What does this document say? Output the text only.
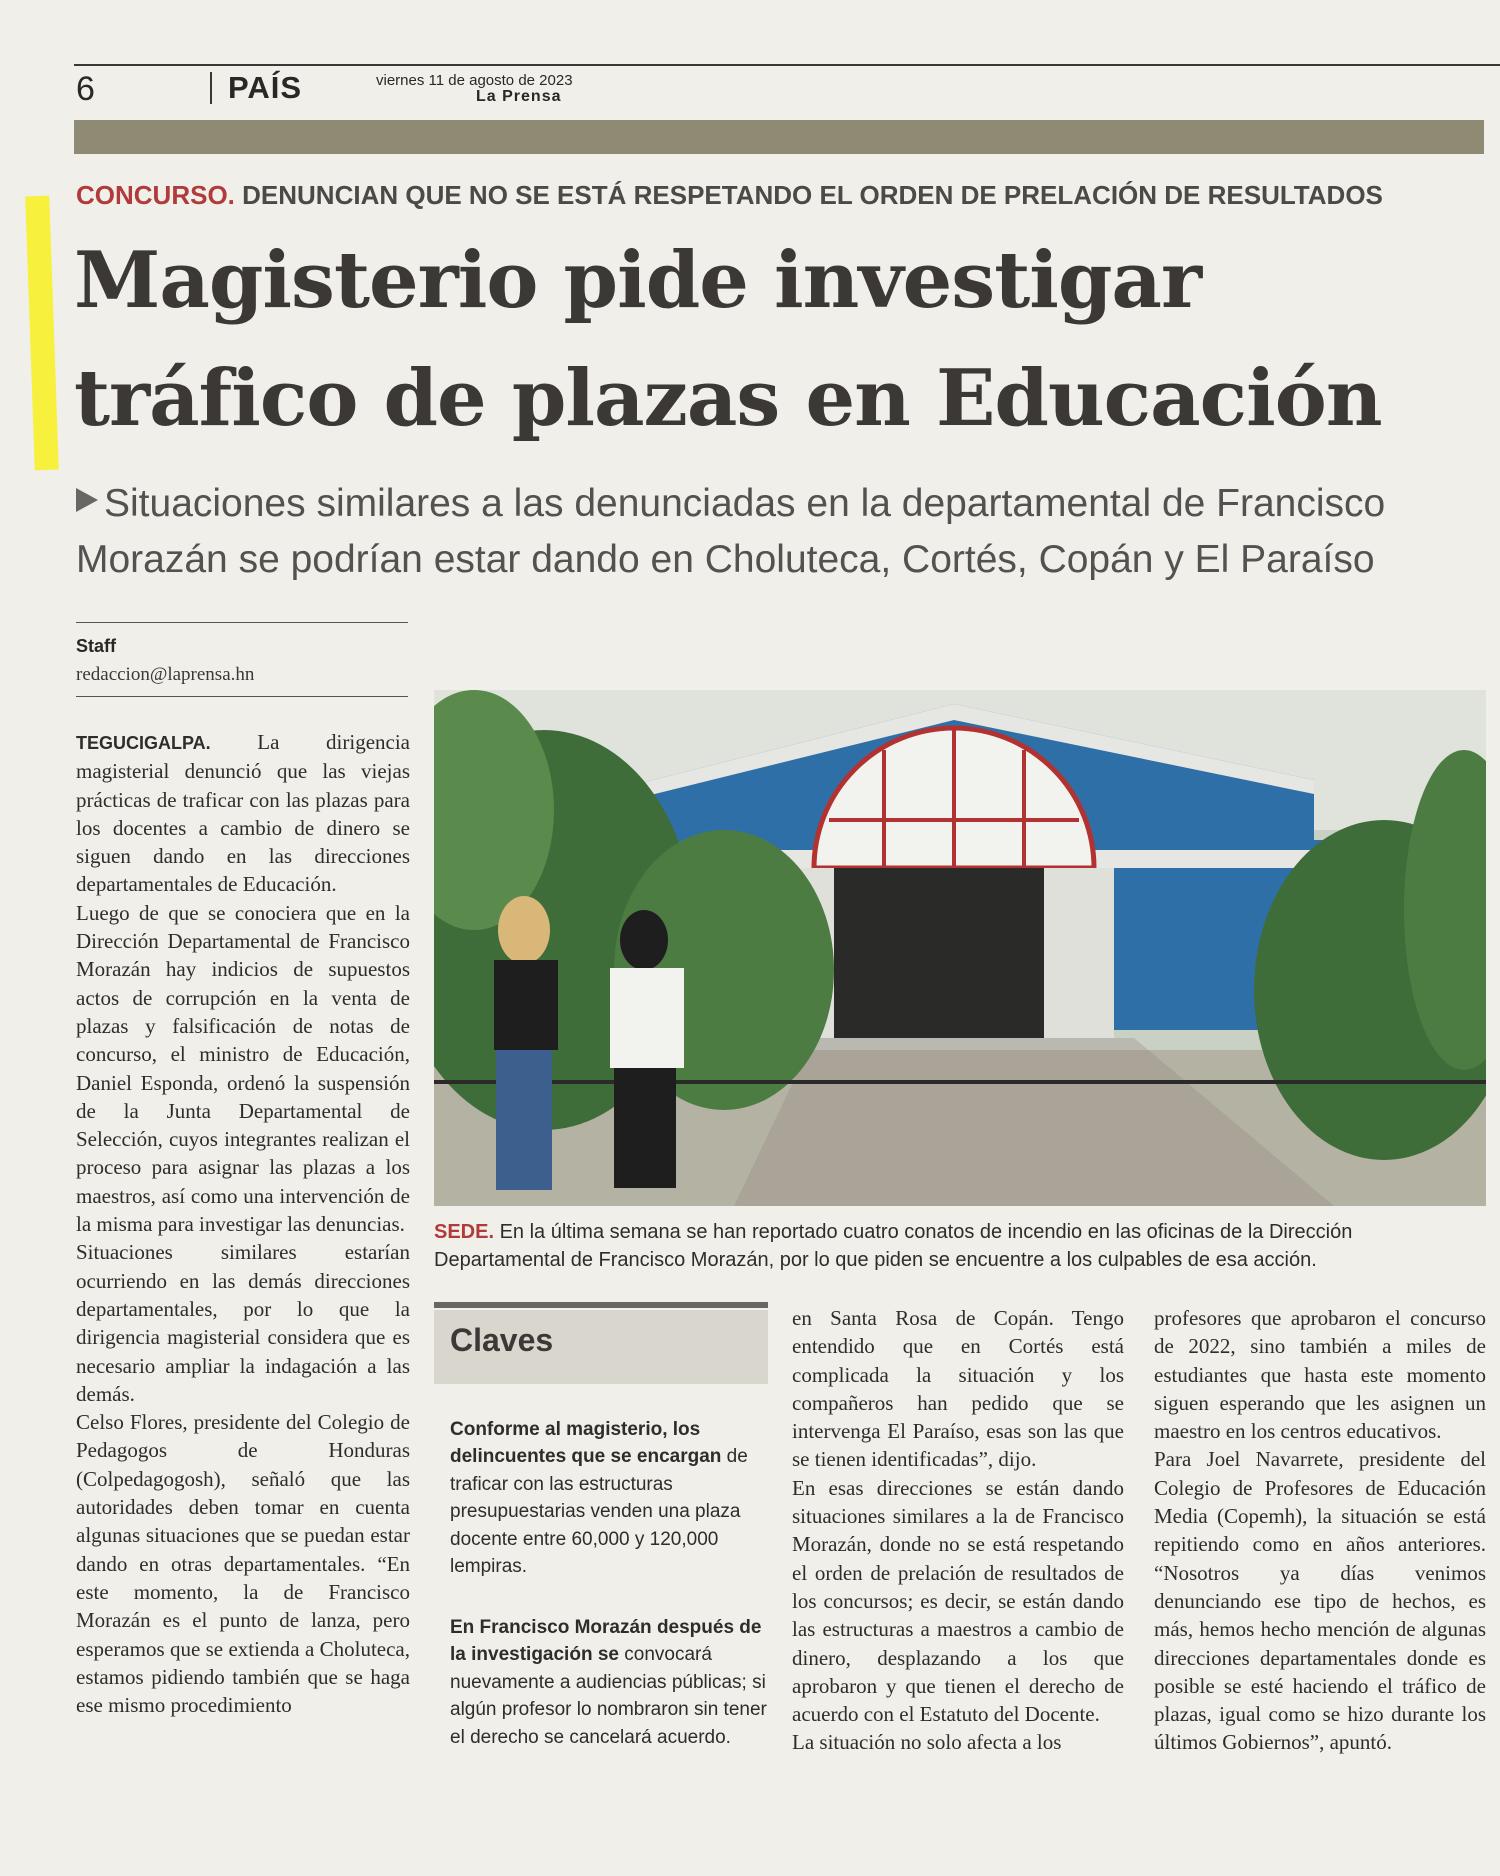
6	PAÍS	viernes 11 de agosto de 2023
La Prensa
CONCURSO. DENUNCIAN QUE NO SE ESTÁ RESPETANDO EL ORDEN DE PRELACIÓN DE RESULTADOS
Magisterio pide investigar
tráfico de plazas en Educación
Situaciones similares a las denunciadas en la departamental de Francisco Morazán se podrían estar dando en Choluteca, Cortés, Copán y El Paraíso
Staff
redaccion@laprensa.hn

TEGUCIGALPA. La dirigencia magisterial denunció que las viejas prácticas de traficar con las plazas para los docentes a cambio de dinero se siguen dando en las direcciones departamentales de Educación.

Luego de que se conociera que en la Dirección Departamental de Francisco Morazán hay indicios de supuestos actos de corrupción en la venta de plazas y falsificación de notas de concurso, el ministro de Educación, Daniel Esponda, ordenó la suspensión de la Junta Departamental de Selección, cuyos integrantes realizan el proceso para asignar las plazas a los maestros, así como una intervención de la misma para investigar las denuncias.

Situaciones similares estarían ocurriendo en las demás direcciones departamentales, por lo que la dirigencia magisterial considera que es necesario ampliar la indagación a las demás.

Celso Flores, presidente del Colegio de Pedagogos de Honduras (Colpedagogosh), señaló que las autoridades deben tomar en cuenta algunas situaciones que se puedan estar dando en otras departamentales. “En este momento, la de Francisco Morazán es el punto de lanza, pero esperamos que se extienda a Choluteca, estamos pidiendo también que se haga ese mismo procedimiento

SEDE. En la última semana se han reportado cuatro conatos de incendio en las oficinas de la Dirección Departamental de Francisco Morazán, por lo que piden se encuentre a los culpables de esa acción.
Claves
Conforme al magisterio, los delincuentes que se encargan de traficar con las estructuras presupuestarias venden una plaza docente entre 60,000 y 120,000 lempiras.
En Francisco Morazán después de la investigación se convocará nuevamente a audiencias públicas; si algún profesor lo nombraron sin tener el derecho se cancelará acuerdo.

en Santa Rosa de Copán. Tengo entendido que en Cortés está complicada la situación y los compañeros han pedido que se intervenga El Paraíso, esas son las que se tienen identificadas”, dijo.

En esas direcciones se están dando situaciones similares a la de Francisco Morazán, donde no se está respetando el orden de prelación de resultados de los concursos; es decir, se están dando las estructuras a maestros a cambio de dinero, desplazando a los que aprobaron y que tienen el derecho de acuerdo con el Estatuto del Docente.

La situación no solo afecta a los

profesores que aprobaron el concurso de 2022, sino también a miles de estudiantes que hasta este momento siguen esperando que les asignen un maestro en los centros educativos.

Para Joel Navarrete, presidente del Colegio de Profesores de Educación Media (Copemh), la situación se está repitiendo como en años anteriores. “Nosotros ya días venimos denunciando ese tipo de hechos, es más, hemos hecho mención de algunas direcciones departamentales donde es posible se esté haciendo el tráfico de plazas, igual como se hizo durante los últimos Gobiernos”, apuntó.
